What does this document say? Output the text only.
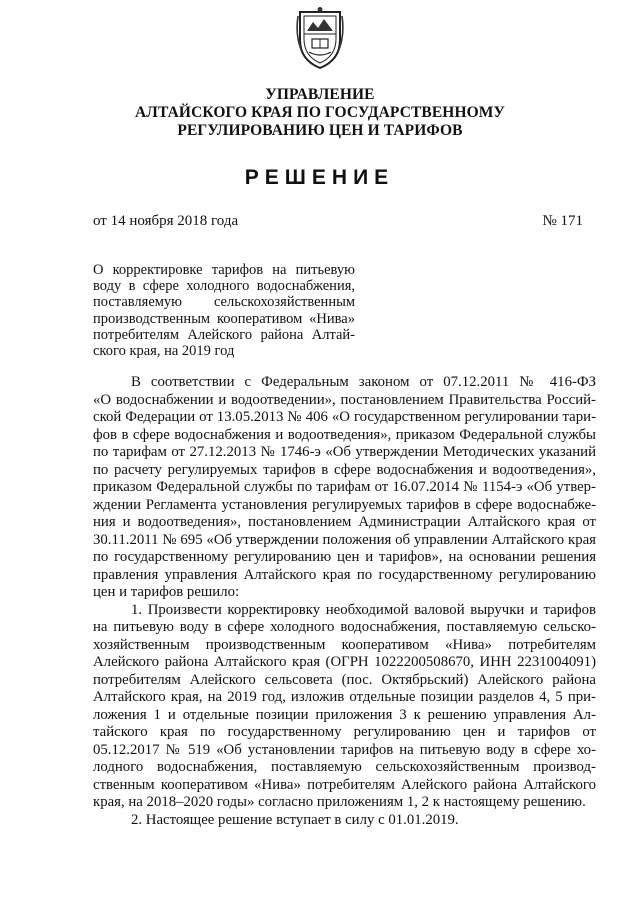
УПРАВЛЕНИЕ
АЛТАЙСКОГО КРАЯ ПО ГОСУДАРСТВЕННОМУ
РЕГУЛИРОВАНИЮ ЦЕН И ТАРИФОВ
РЕШЕНИЕ
от 14 ноября 2018 года	№ 171
О корректировке тарифов на питьевую
воду в сфере холодного водоснабжения,
поставляемую сельскохозяйственным
производственным кооперативом «Нива»
потребителям Алейского района Алтай-
ского края, на 2019 год
В соответствии с Федеральным законом от 07.12.2011 № 416-ФЗ
«О водоснабжении и водоотведении», постановлением Правительства Россий-
ской Федерации от 13.05.2013 № 406 «О государственном регулировании тари-
фов в сфере водоснабжения и водоотведения», приказом Федеральной службы
по тарифам от 27.12.2013 № 1746-э «Об утверждении Методических указаний
по расчету регулируемых тарифов в сфере водоснабжения и водоотведения»,
приказом Федеральной службы по тарифам от 16.07.2014 № 1154-э «Об утвер-
ждении Регламента установления регулируемых тарифов в сфере водоснабже-
ния и водоотведения», постановлением Администрации Алтайского края от
30.11.2011 № 695 «Об утверждении положения об управлении Алтайского края
по государственному регулированию цен и тарифов», на основании решения
правления управления Алтайского края по государственному регулированию
цен и тарифов решило:
1. Произвести корректировку необходимой валовой выручки и тарифов
на питьевую воду в сфере холодного водоснабжения, поставляемую сельско-
хозяйственным производственным кооперативом «Нива» потребителям
Алейского района Алтайского края (ОГРН 1022200508670, ИНН 2231004091)
потребителям Алейского сельсовета (пос. Октябрьский) Алейского района
Алтайского края, на 2019 год, изложив отдельные позиции разделов 4, 5 при-
ложения 1 и отдельные позиции приложения 3 к решению управления Ал-
тайского края по государственному регулированию цен и тарифов от
05.12.2017 № 519 «Об установлении тарифов на питьевую воду в сфере хо-
лодного водоснабжения, поставляемую сельскохозяйственным производ-
ственным кооперативом «Нива» потребителям Алейского района Алтайского
края, на 2018–2020 годы» согласно приложениям 1, 2 к настоящему решению.
2. Настоящее решение вступает в силу с 01.01.2019.
